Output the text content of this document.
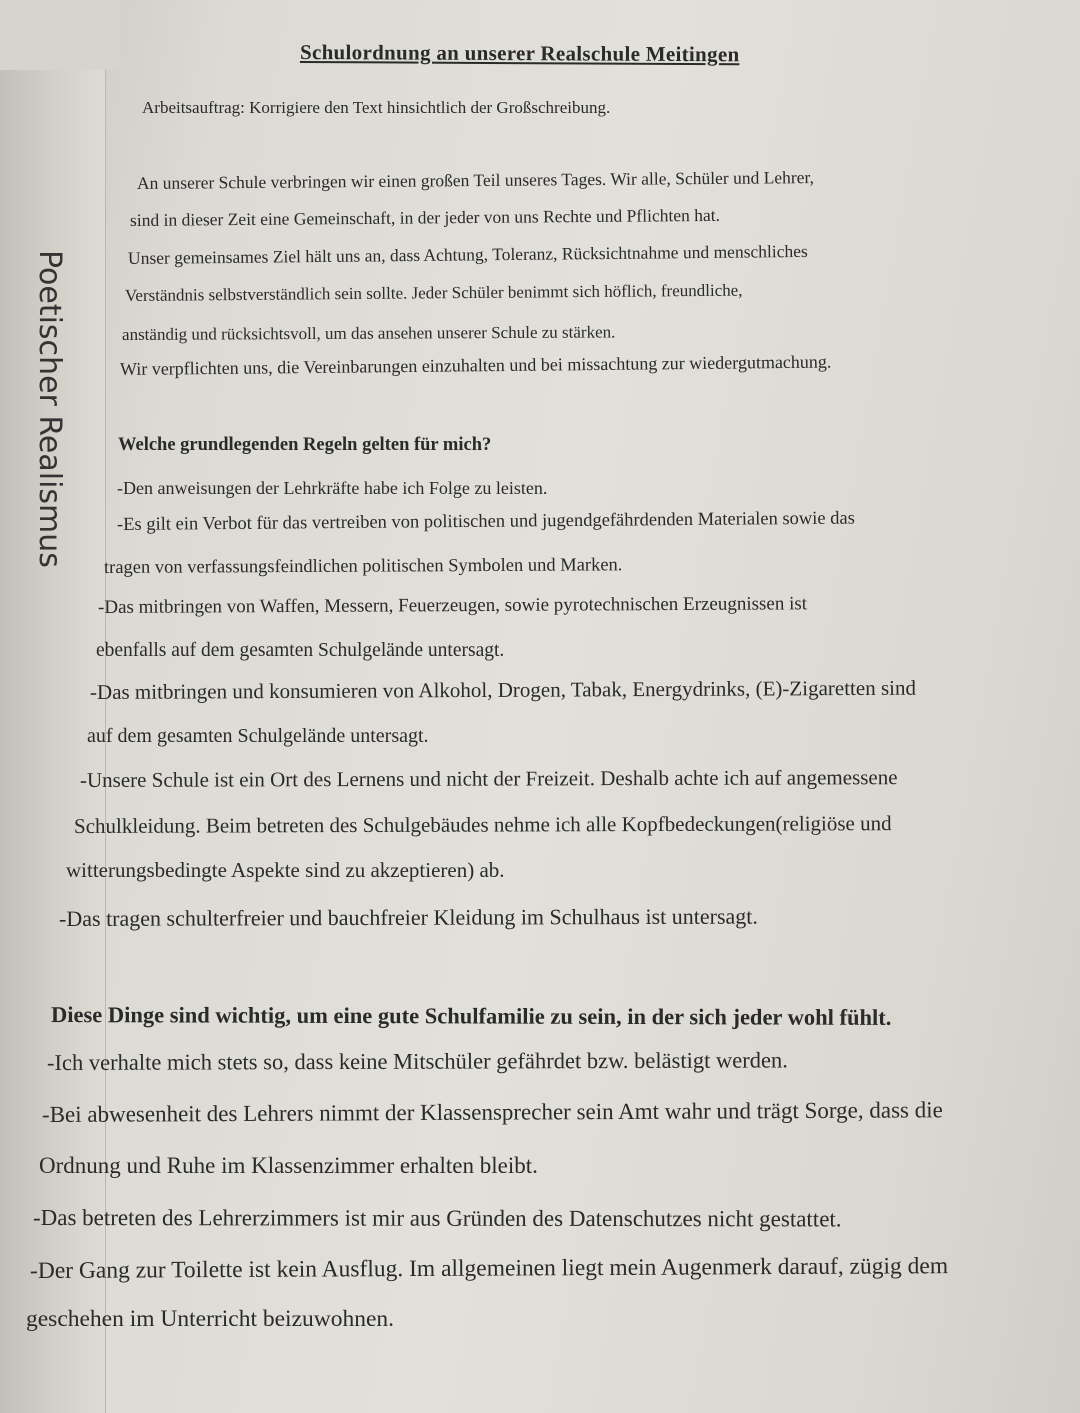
Poetischer Realismus
Schulordnung an unserer Realschule Meitingen
Arbeitsauftrag: Korrigiere den Text hinsichtlich der Großschreibung.
An unserer Schule verbringen wir einen großen Teil unseres Tages. Wir alle, Schüler und Lehrer,
sind in dieser Zeit eine Gemeinschaft, in der jeder von uns Rechte und Pflichten hat.
Unser gemeinsames Ziel hält uns an, dass Achtung, Toleranz, Rücksichtnahme und menschliches
Verständnis selbstverständlich sein sollte. Jeder Schüler benimmt sich höflich, freundliche,
anständig und rücksichtsvoll, um das ansehen unserer Schule zu stärken.
Wir verpflichten uns, die Vereinbarungen einzuhalten und bei missachtung zur wiedergutmachung.
Welche grundlegenden Regeln gelten für mich?
-Den anweisungen der Lehrkräfte habe ich Folge zu leisten.
-Es gilt ein Verbot für das vertreiben von politischen und jugendgefährdenden Materialen sowie das
tragen von verfassungsfeindlichen politischen Symbolen und Marken.
-Das mitbringen von Waffen, Messern, Feuerzeugen, sowie pyrotechnischen Erzeugnissen ist
ebenfalls auf dem gesamten Schulgelände untersagt.
-Das mitbringen und konsumieren von Alkohol, Drogen, Tabak, Energydrinks, (E)-Zigaretten sind
auf dem gesamten Schulgelände untersagt.
-Unsere Schule ist ein Ort des Lernens und nicht der Freizeit. Deshalb achte ich auf angemessene
Schulkleidung. Beim betreten des Schulgebäudes nehme ich alle Kopfbedeckungen(religiöse und
witterungsbedingte Aspekte sind zu akzeptieren) ab.
-Das tragen schulterfreier und bauchfreier Kleidung im Schulhaus ist untersagt.
Diese Dinge sind wichtig, um eine gute Schulfamilie zu sein, in der sich jeder wohl fühlt.
-Ich verhalte mich stets so, dass keine Mitschüler gefährdet bzw. belästigt werden.
-Bei abwesenheit des Lehrers nimmt der Klassensprecher sein Amt wahr und trägt Sorge, dass die
Ordnung und Ruhe im Klassenzimmer erhalten bleibt.
-Das betreten des Lehrerzimmers ist mir aus Gründen des Datenschutzes nicht gestattet.
-Der Gang zur Toilette ist kein Ausflug. Im allgemeinen liegt mein Augenmerk darauf, zügig dem
geschehen im Unterricht beizuwohnen.
